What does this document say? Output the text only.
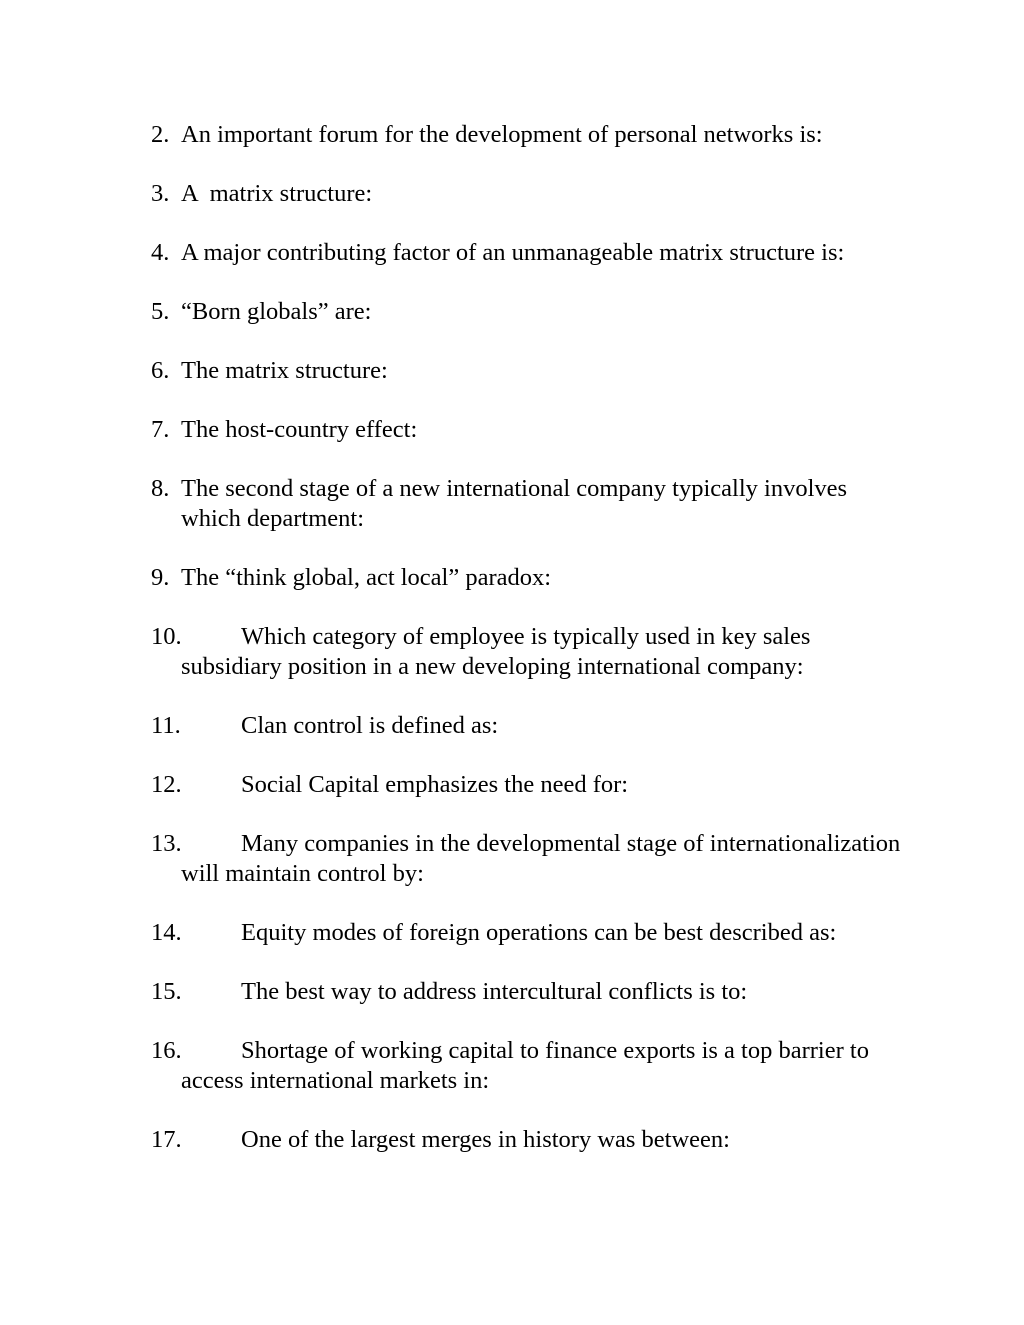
2. An important forum for the development of personal networks is:
3. A  matrix structure:
4. A major contributing factor of an unmanageable matrix structure is:
5. “Born globals” are:
6. The matrix structure:
7. The host-country effect:
8. The second stage of a new international company typically involves which department:
9. The “think global, act local” paradox:
10. Which category of employee is typically used in key sales subsidiary position in a new developing international company:
11. Clan control is defined as:
12. Social Capital emphasizes the need for:
13. Many companies in the developmental stage of internationalization will maintain control by:
14. Equity modes of foreign operations can be best described as:
15. The best way to address intercultural conflicts is to:
16. Shortage of working capital to finance exports is a top barrier to access international markets in:
17. One of the largest merges in history was between:
